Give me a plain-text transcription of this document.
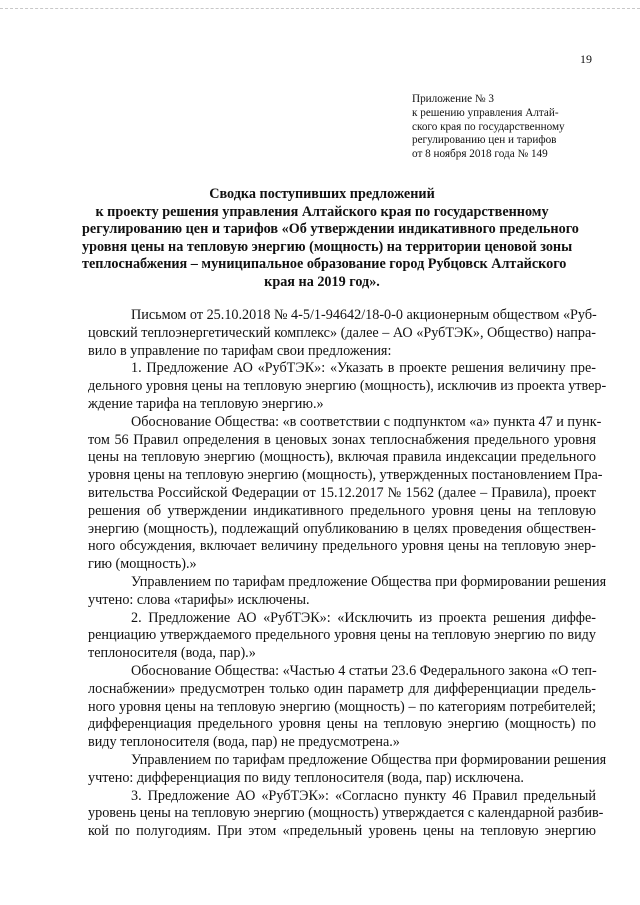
19
Приложение № 3
к решению управления Алтай-
ского края по государственному
регулированию цен и тарифов
от 8 ноября 2018 года № 149
Сводка поступивших предложений
к проекту решения управления Алтайского края по государственному
регулированию цен и тарифов «Об утверждении индикативного предельного
уровня цены на тепловую энергию (мощность) на территории ценовой зоны
теплоснабжения – муниципальное образование город Рубцовск Алтайского
края на 2019 год».
Письмом от 25.10.2018 № 4-5/1-94642/18-0-0 акционерным обществом «Руб-
цовский теплоэнергетический комплекс» (далее – АО «РубТЭК», Общество) напра-
вило в управление по тарифам свои предложения:
1. Предложение АО «РубТЭК»: «Указать в проекте решения величину пре-
дельного уровня цены на тепловую энергию (мощность), исключив из проекта утвер-
ждение тарифа на тепловую энергию.»
Обоснование Общества: «в соответствии с подпунктом «а» пункта 47 и пунк-
том 56 Правил определения в ценовых зонах теплоснабжения предельного уровня
цены на тепловую энергию (мощность), включая правила индексации предельного
уровня цены на тепловую энергию (мощность), утвержденных постановлением Пра-
вительства Российской Федерации от 15.12.2017 № 1562 (далее – Правила), проект
решения об утверждении индикативного предельного уровня цены на тепловую
энергию (мощность), подлежащий опубликованию в целях проведения обществен-
ного обсуждения, включает величину предельного уровня цены на тепловую энер-
гию (мощность).»
Управлением по тарифам предложение Общества при формировании решения
учтено: слова «тарифы» исключены.
2. Предложение АО «РубТЭК»: «Исключить из проекта решения диффе-
ренциацию утверждаемого предельного уровня цены на тепловую энергию по виду
теплоносителя (вода, пар).»
Обоснование Общества: «Частью 4 статьи 23.6 Федерального закона «О теп-
лоснабжении» предусмотрен только один параметр для дифференциации предель-
ного уровня цены на тепловую энергию (мощность) – по категориям потребителей;
дифференциация предельного уровня цены на тепловую энергию (мощность) по
виду теплоносителя (вода, пар) не предусмотрена.»
Управлением по тарифам предложение Общества при формировании решения
учтено: дифференциация по виду теплоносителя (вода, пар) исключена.
3. Предложение АО «РубТЭК»: «Согласно пункту 46 Правил предельный
уровень цены на тепловую энергию (мощность) утверждается с календарной разбив-
кой по полугодиям. При этом «предельный уровень цены на тепловую энергию
